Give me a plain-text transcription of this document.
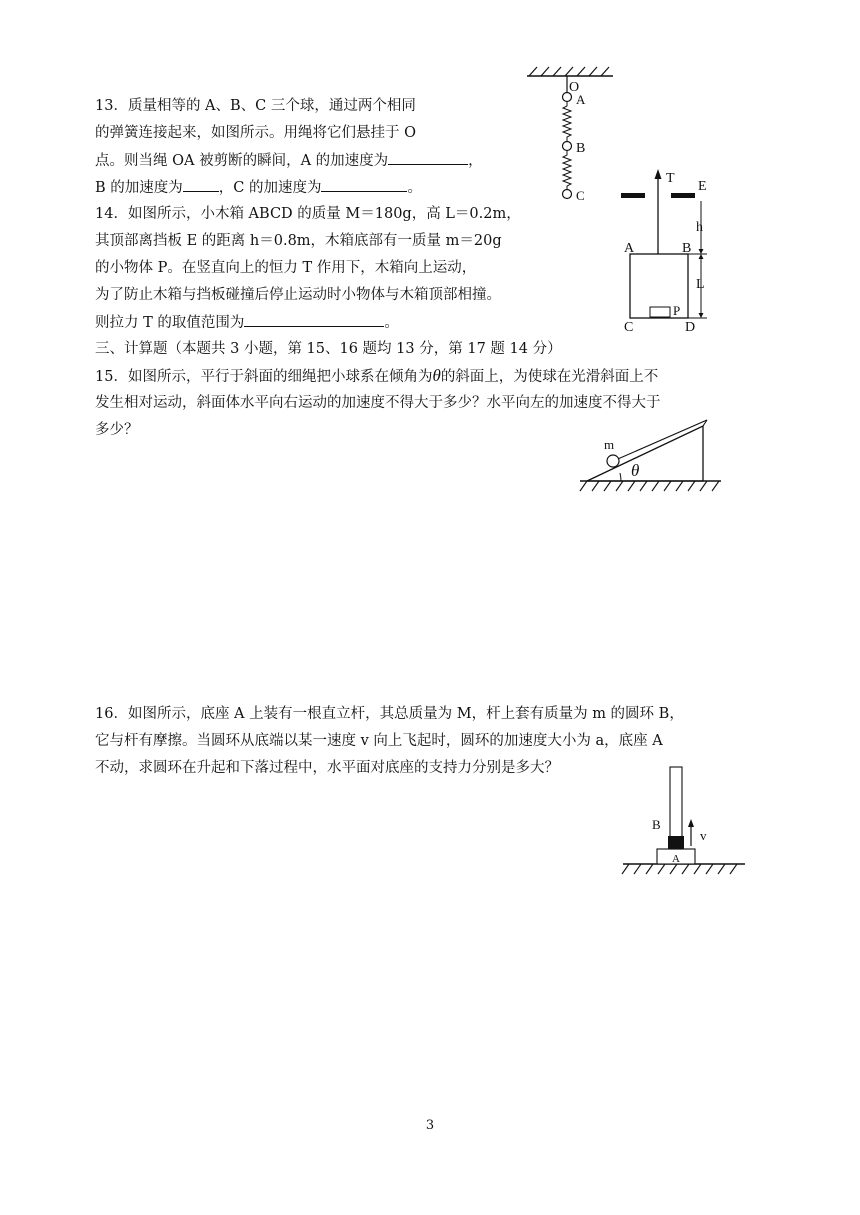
13．质量相等的 A、B、C 三个球，通过两个相同
的弹簧连接起来，如图所示。用绳将它们悬挂于 O
点。则当绳 OA 被剪断的瞬间，A 的加速度为	，
B 的加速度为 ，C 的加速度为	。
O
A
B
C
14．如图所示，小木箱 ABCD 的质量 M＝180g，高 L＝0.2m，
其顶部离挡板 E 的距离 h＝0.8m，木箱底部有一质量 m＝20g
的小物体 P。在竖直向上的恒力 T 作用下，木箱向上运动，
为了防止木箱与挡板碰撞后停止运动时小物体与木箱顶部相撞。
则拉力 T 的取值范围为	。
T
E
h
A	B
L
P
C	D
三、计算题（本题共 3 小题，第 15、16 题均 13 分，第 17 题 14 分）
15．如图所示，平行于斜面的细绳把小球系在倾角为θ的斜面上，为使球在光滑斜面上不
发生相对运动，斜面体水平向右运动的加速度不得大于多少？水平向左的加速度不得大于
多少？
m
θ
16．如图所示，底座 A 上装有一根直立杆，其总质量为 M，杆上套有质量为 m 的圆环 B，
它与杆有摩擦。当圆环从底端以某一速度 v 向上飞起时，圆环的加速度大小为 a，底座 A
不动，求圆环在升起和下落过程中，水平面对底座的支持力分别是多大？
B
v
A
3
